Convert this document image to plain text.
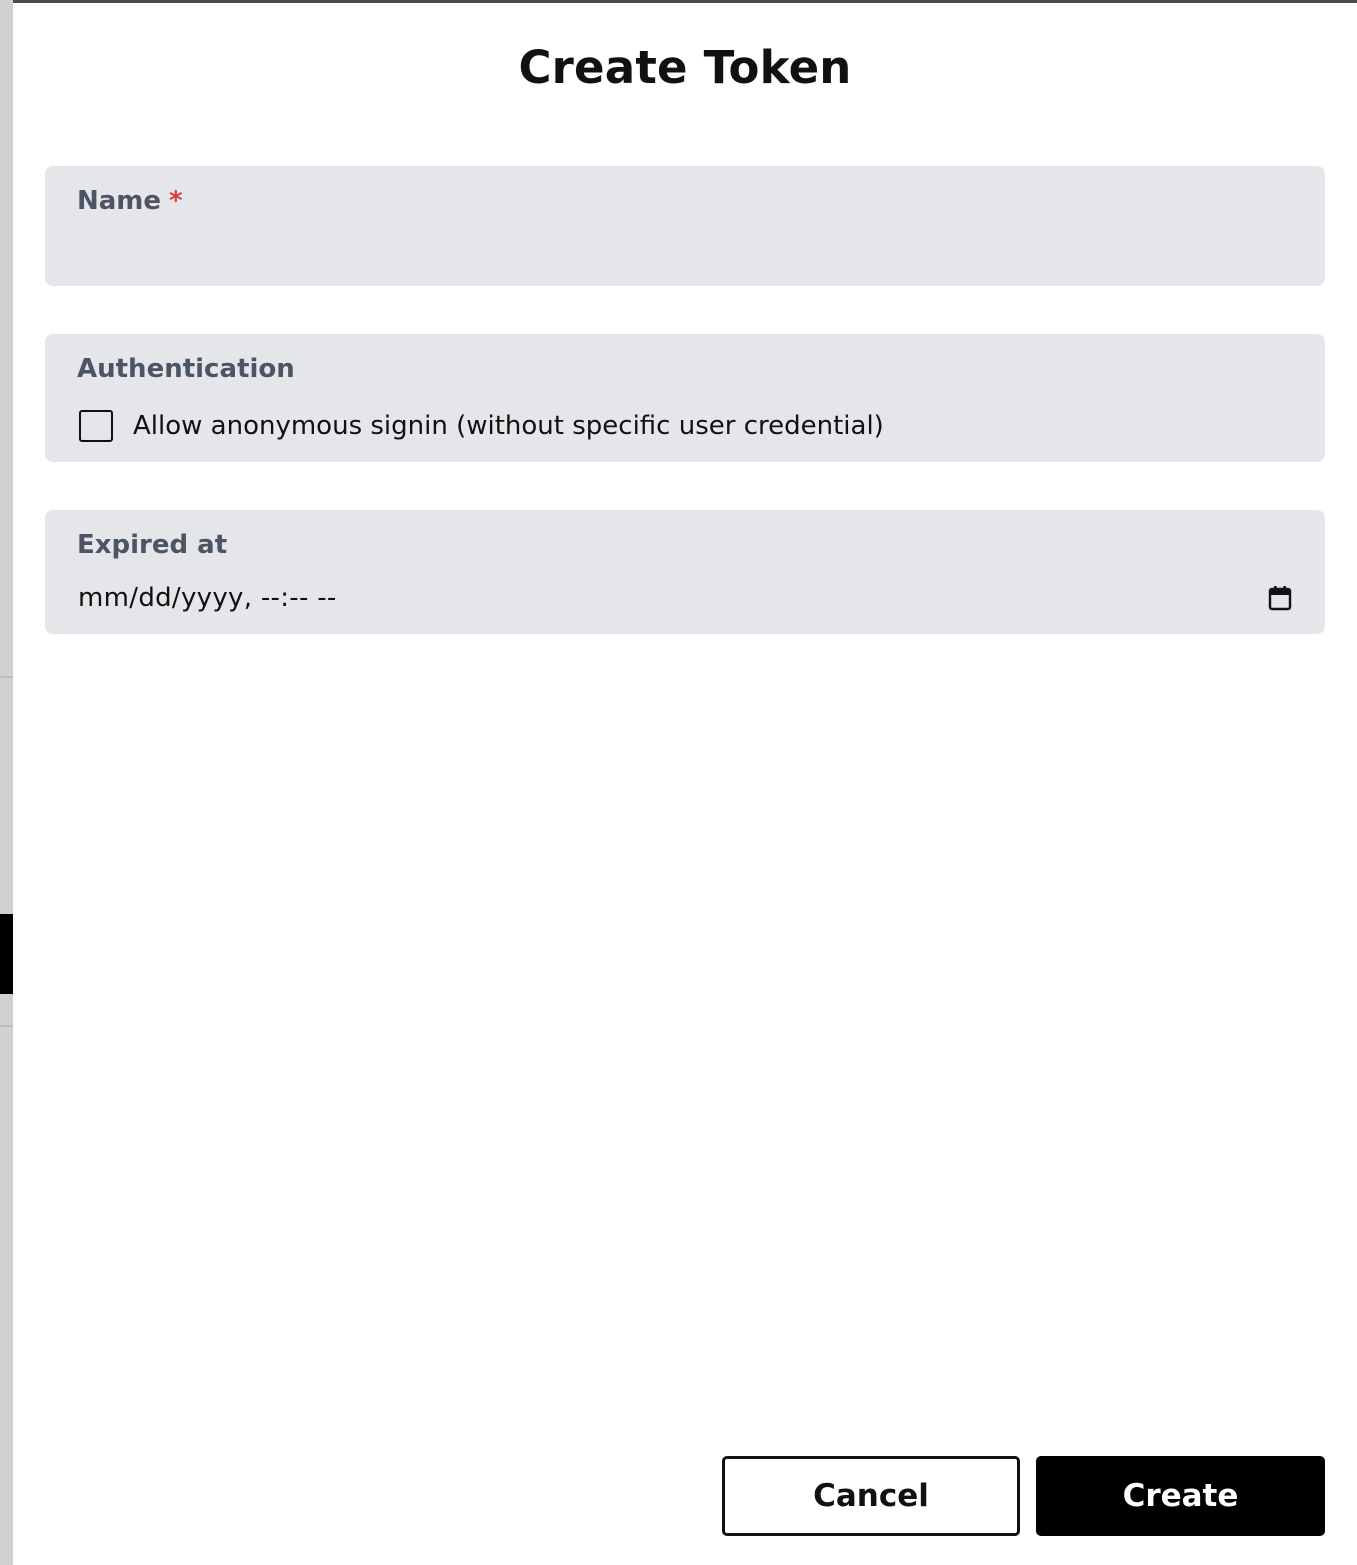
Create Token
Name *
Authentication
Allow anonymous signin (without specific user credential)
Expired at
mm/dd/yyyy, --:-- --
Cancel	Create
